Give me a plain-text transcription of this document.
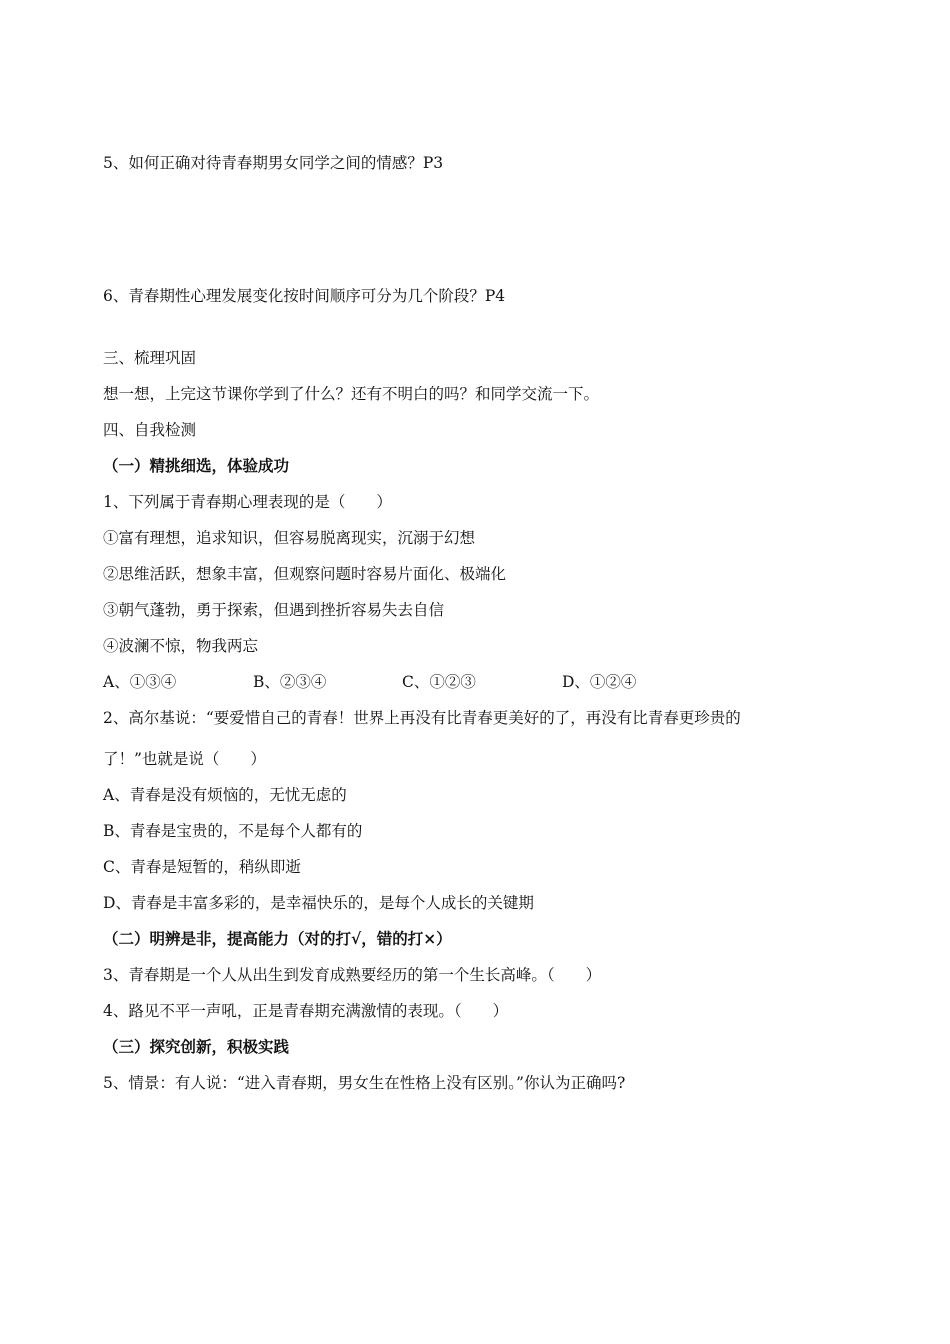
5、如何正确对待青春期男女同学之间的情感？P3
6、青春期性心理发展变化按时间顺序可分为几个阶段？P4
三、梳理巩固
想一想，上完这节课你学到了什么？还有不明白的吗？和同学交流一下。
四、自我检测
（一）精挑细选，体验成功
1、下列属于青春期心理表现的是（　　）
①富有理想，追求知识，但容易脱离现实，沉溺于幻想
②思维活跃，想象丰富，但观察问题时容易片面化、极端化
③朝气蓬勃，勇于探索，但遇到挫折容易失去自信
④波澜不惊，物我两忘
A、①③④	B、②③④	C、①②③	D、①②④
2、高尔基说：“要爱惜自己的青春！世界上再没有比青春更美好的了，再没有比青春更珍贵的
了！”也就是说（　　）
A、青春是没有烦恼的，无忧无虑的
B、青春是宝贵的，不是每个人都有的
C、青春是短暂的，稍纵即逝
D、青春是丰富多彩的，是幸福快乐的，是每个人成长的关键期
（二）明辨是非，提高能力（对的打√，错的打×）
3、青春期是一个人从出生到发育成熟要经历的第一个生长高峰。（　　）
4、路见不平一声吼，正是青春期充满激情的表现。（　　）
（三）探究创新，积极实践
5、情景：有人说：“进入青春期，男女生在性格上没有区别。”你认为正确吗?
